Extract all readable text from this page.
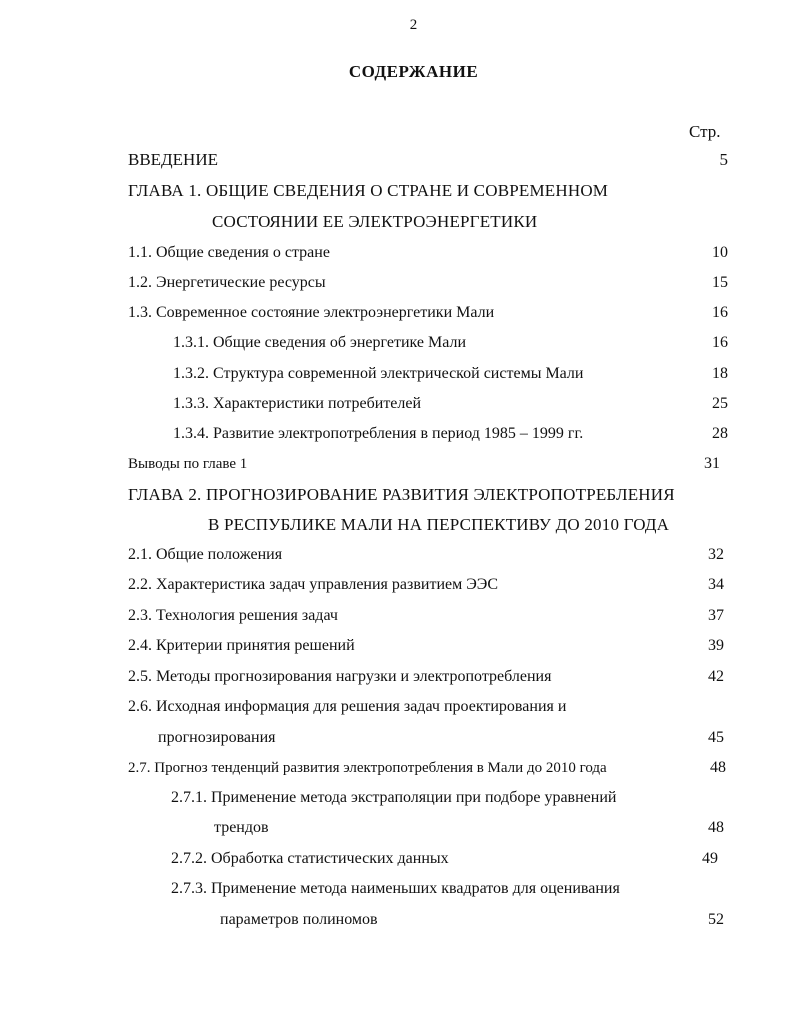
2
СОДЕРЖАНИЕ
Стр.
ВВЕДЕНИЕ	5
ГЛАВА 1. ОБЩИЕ СВЕДЕНИЯ О СТРАНЕ И СОВРЕМЕННОМ
СОСТОЯНИИ ЕЕ ЭЛЕКТРОЭНЕРГЕТИКИ
1.1. Общие сведения о стране	10
1.2. Энергетические ресурсы	15
1.3. Современное состояние электроэнергетики Мали	16
1.3.1. Общие сведения об энергетике Мали	16
1.3.2. Структура современной электрической системы Мали	18
1.3.3. Характеристики потребителей	25
1.3.4. Развитие электропотребления в период 1985 – 1999 гг.	28
Выводы по главе 1	31
ГЛАВА 2. ПРОГНОЗИРОВАНИЕ РАЗВИТИЯ ЭЛЕКТРОПОТРЕБЛЕНИЯ
В РЕСПУБЛИКЕ МАЛИ НА ПЕРСПЕКТИВУ ДО 2010 ГОДА
2.1. Общие положения	32
2.2. Характеристика задач управления развитием ЭЭС	34
2.3. Технология решения задач	37
2.4. Критерии принятия решений	39
2.5. Методы прогнозирования нагрузки и электропотребления	42
2.6. Исходная информация для решения задач проектирования и
прогнозирования	45
2.7. Прогноз тенденций развития электропотребления в Мали до 2010 года	48
2.7.1. Применение метода экстраполяции при подборе уравнений
трендов	48
2.7.2. Обработка статистических данных	49
2.7.3. Применение метода наименьших квадратов для оценивания
параметров полиномов	52
